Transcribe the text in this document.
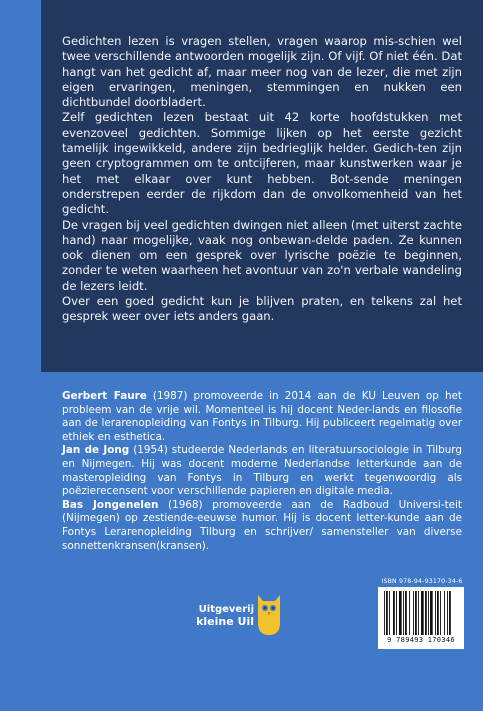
Gedichten lezen is vragen stellen, vragen waarop mis-schien wel twee verschillende antwoorden mogelijk zijn. Of vijf. Of niet één. Dat hangt van het gedicht af, maar meer nog van de lezer, die met zijn eigen ervaringen, meningen, stemmingen en nukken een dichtbundel doorbladert.

Zelf gedichten lezen bestaat uit 42 korte hoofdstukken met evenzoveel gedichten. Sommige lijken op het eerste gezicht tamelijk ingewikkeld, andere zijn bedrieglijk helder. Gedich-ten zijn geen cryptogrammen om te ontcijferen, maar kunstwerken waar je het met elkaar over kunt hebben. Bot-sende meningen onderstrepen eerder de rijkdom dan de onvolkomenheid van het gedicht.

De vragen bij veel gedichten dwingen niet alleen (met uiterst zachte hand) naar mogelijke, vaak nog onbewan-delde paden. Ze kunnen ook dienen om een gesprek over lyrische poëzie te beginnen, zonder te weten waarheen het avontuur van zo'n verbale wandeling de lezers leidt.

Over een goed gedicht kun je blijven praten, en telkens zal het gesprek weer over iets anders gaan.

Gerbert Faure (1987) promoveerde in 2014 aan de KU Leuven op het probleem van de vrije wil. Momenteel is hij docent Neder-lands en filosofie aan de lerarenopleiding van Fontys in Tilburg. Hij publiceert regelmatig over ethiek en esthetica.

Jan de Jong (1954) studeerde Nederlands en literatuursociologie in Tilburg en Nijmegen. Hij was docent moderne Nederlandse letterkunde aan de masteropleiding van Fontys in Tilburg en werkt tegenwoordig als poëzierecensent voor verschillende papieren en digitale media.

Bas Jongenelen (1968) promoveerde aan de Radboud Universi-teit (Nijmegen) op zestiende-eeuwse humor. Hij is docent letter-kunde aan de Fontys Lerarenopleiding Tilburg en schrijver/ samensteller van diverse sonnettenkransen(kransen).

Uitgeverij
kleine Uil
ISBN 978-94-93170-34-6
9 789493 170346
